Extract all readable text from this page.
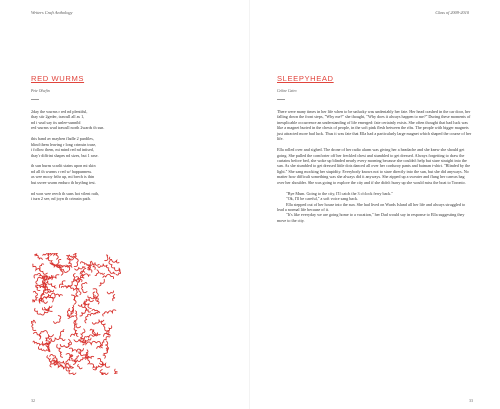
Writers Craft Anthology
RED WURMS
Pete Olsefin

2day the wurms r red nd plentiful,
thay stir 2geder, trawull all as 1,
nd i wud say its unlee-sunnibl
red wurms wud trawull north 2wards th sun.

this band av mayben fladle 2 pardiles,
blind them leaving r long crimsin trase,
i follow them, mi mind red nd intised,
thay'r diffrint shapes nd sizes, but 1 rase.

th sun burns scarlit stains upon mi skin
nd all th wurms r red w/ happunness.
as wee mooy frthr up, mi brech is thin
but uvree wurm enduro th brythng test.

nd won wee reech th suns hot vilent rath,
i turn 2 see, nd joyn th crimsin path.

32
Class of 2009-2010
SLEEPYHEAD
Celine Cairo

There were many times in her life when to be unlucky was undeniably her fate. Her head crashed in the car door, her falling down the front steps, "Why me?" she thought, "Why does it always happen to me?" During these moments of inexplicable occurrence an understanding of life emerged: fate certainly exists. She often thought that bad luck was like a magnet buried in the chests of people, in the soft pink flesh between the ribs. The people with bigger magnets just attracted more bad luck. Thus it was fate that Ella had a particularly large magnet which shaped the course of her life.

Ella rolled over and sighed. The drone of her radio alarm was giving her a headache and she knew she should get going. She pulled the comforter off her freckled chest and stumbled to get dressed. Always forgetting to draw the curtains before bed, she woke up blinded nearly every morning because she couldn't help but stare straight into the sun. As she stumbled to get dressed little dots danced all over her corduroy pants and batman t-shirt. "Blinded by the light." She sang mocking her stupidity. Everybody knows not to stare directly into the sun, but she did anyways. No matter how difficult something was she always did it anyways. She zipped up a sweater and flung her canvas bag over her shoulder. She was going to explore the city and if she didn't hurry up she would miss the boat to Toronto.

"Bye Mum. Going to the city, I'll catch the 3 o'clock ferry back."

"Ok, I'll be careful," a soft voice sang back.

Ella stepped out of her house into the sun. She had lived on Wards Island all her life and always struggled to lead a normal life because of it.

"It's like everyday we are going home to a vacation," her Dad would say in response to Ella suggesting they move to the city.

33
